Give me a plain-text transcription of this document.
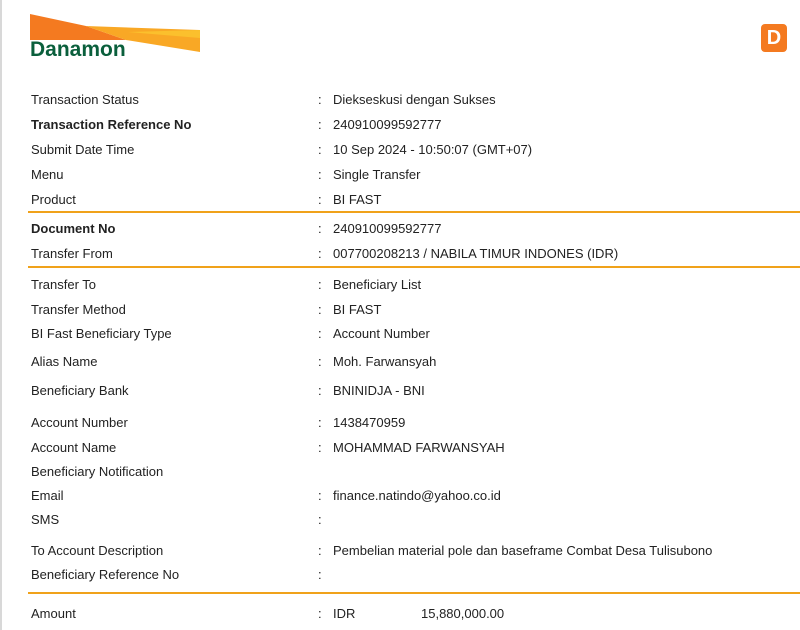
Danamon	D
Transaction Status	: Diekseskusi dengan Sukses
Transaction Reference No	: 240910099592777
Submit Date Time	: 10 Sep 2024 - 10:50:07 (GMT+07)
Menu	: Single Transfer
Product	: BI FAST
Document No	: 240910099592777
Transfer From	: 007700208213 / NABILA TIMUR INDONES (IDR)
Transfer To	: Beneficiary List
Transfer Method	: BI FAST
BI Fast Beneficiary Type	: Account Number
Alias Name	: Moh. Farwansyah
Beneficiary Bank	: BNINIDJA - BNI
Account Number	: 1438470959
Account Name	: MOHAMMAD FARWANSYAH
Beneficiary Notification
Email	: finance.natindo@yahoo.co.id
SMS	:
To Account Description	: Pembelian material pole dan baseframe Combat Desa Tulisubono
Beneficiary Reference No	:
Amount	: IDR	15,880,000.00
